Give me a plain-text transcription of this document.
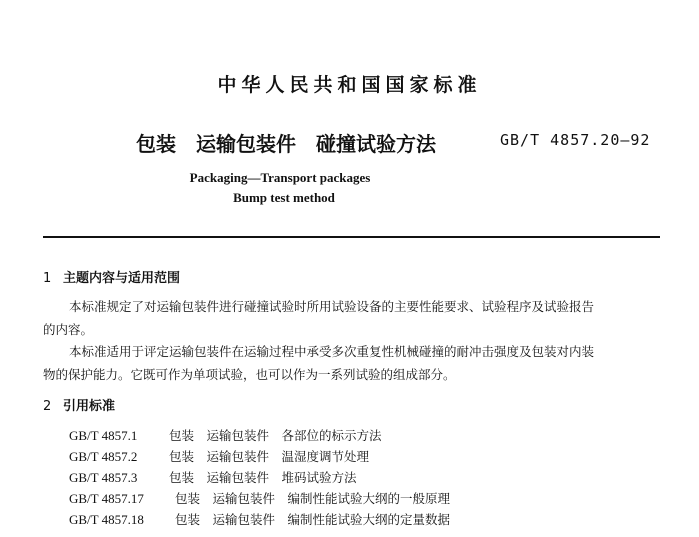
中华人民共和国国家标准
包装　运输包装件　碰撞试验方法	GB/T 4857.20—92
Packaging—Transport packages
Bump test method
1 主题内容与适用范围
本标准规定了对运输包装件进行碰撞试验时所用试验设备的主要性能要求、试验程序及试验报告
的内容。
本标准适用于评定运输包装件在运输过程中承受多次重复性机械碰撞的耐冲击强度及包装对内装
物的保护能力。它既可作为单项试验，也可以作为一系列试验的组成部分。
2 引用标准
GB/T 4857.1	包装　运输包装件　各部位的标示方法
GB/T 4857.2	包装　运输包装件　温湿度调节处理
GB/T 4857.3	包装　运输包装件　堆码试验方法
GB/T 4857.17 包装　运输包装件　编制性能试验大纲的一般原理
GB/T 4857.18 包装　运输包装件　编制性能试验大纲的定量数据
